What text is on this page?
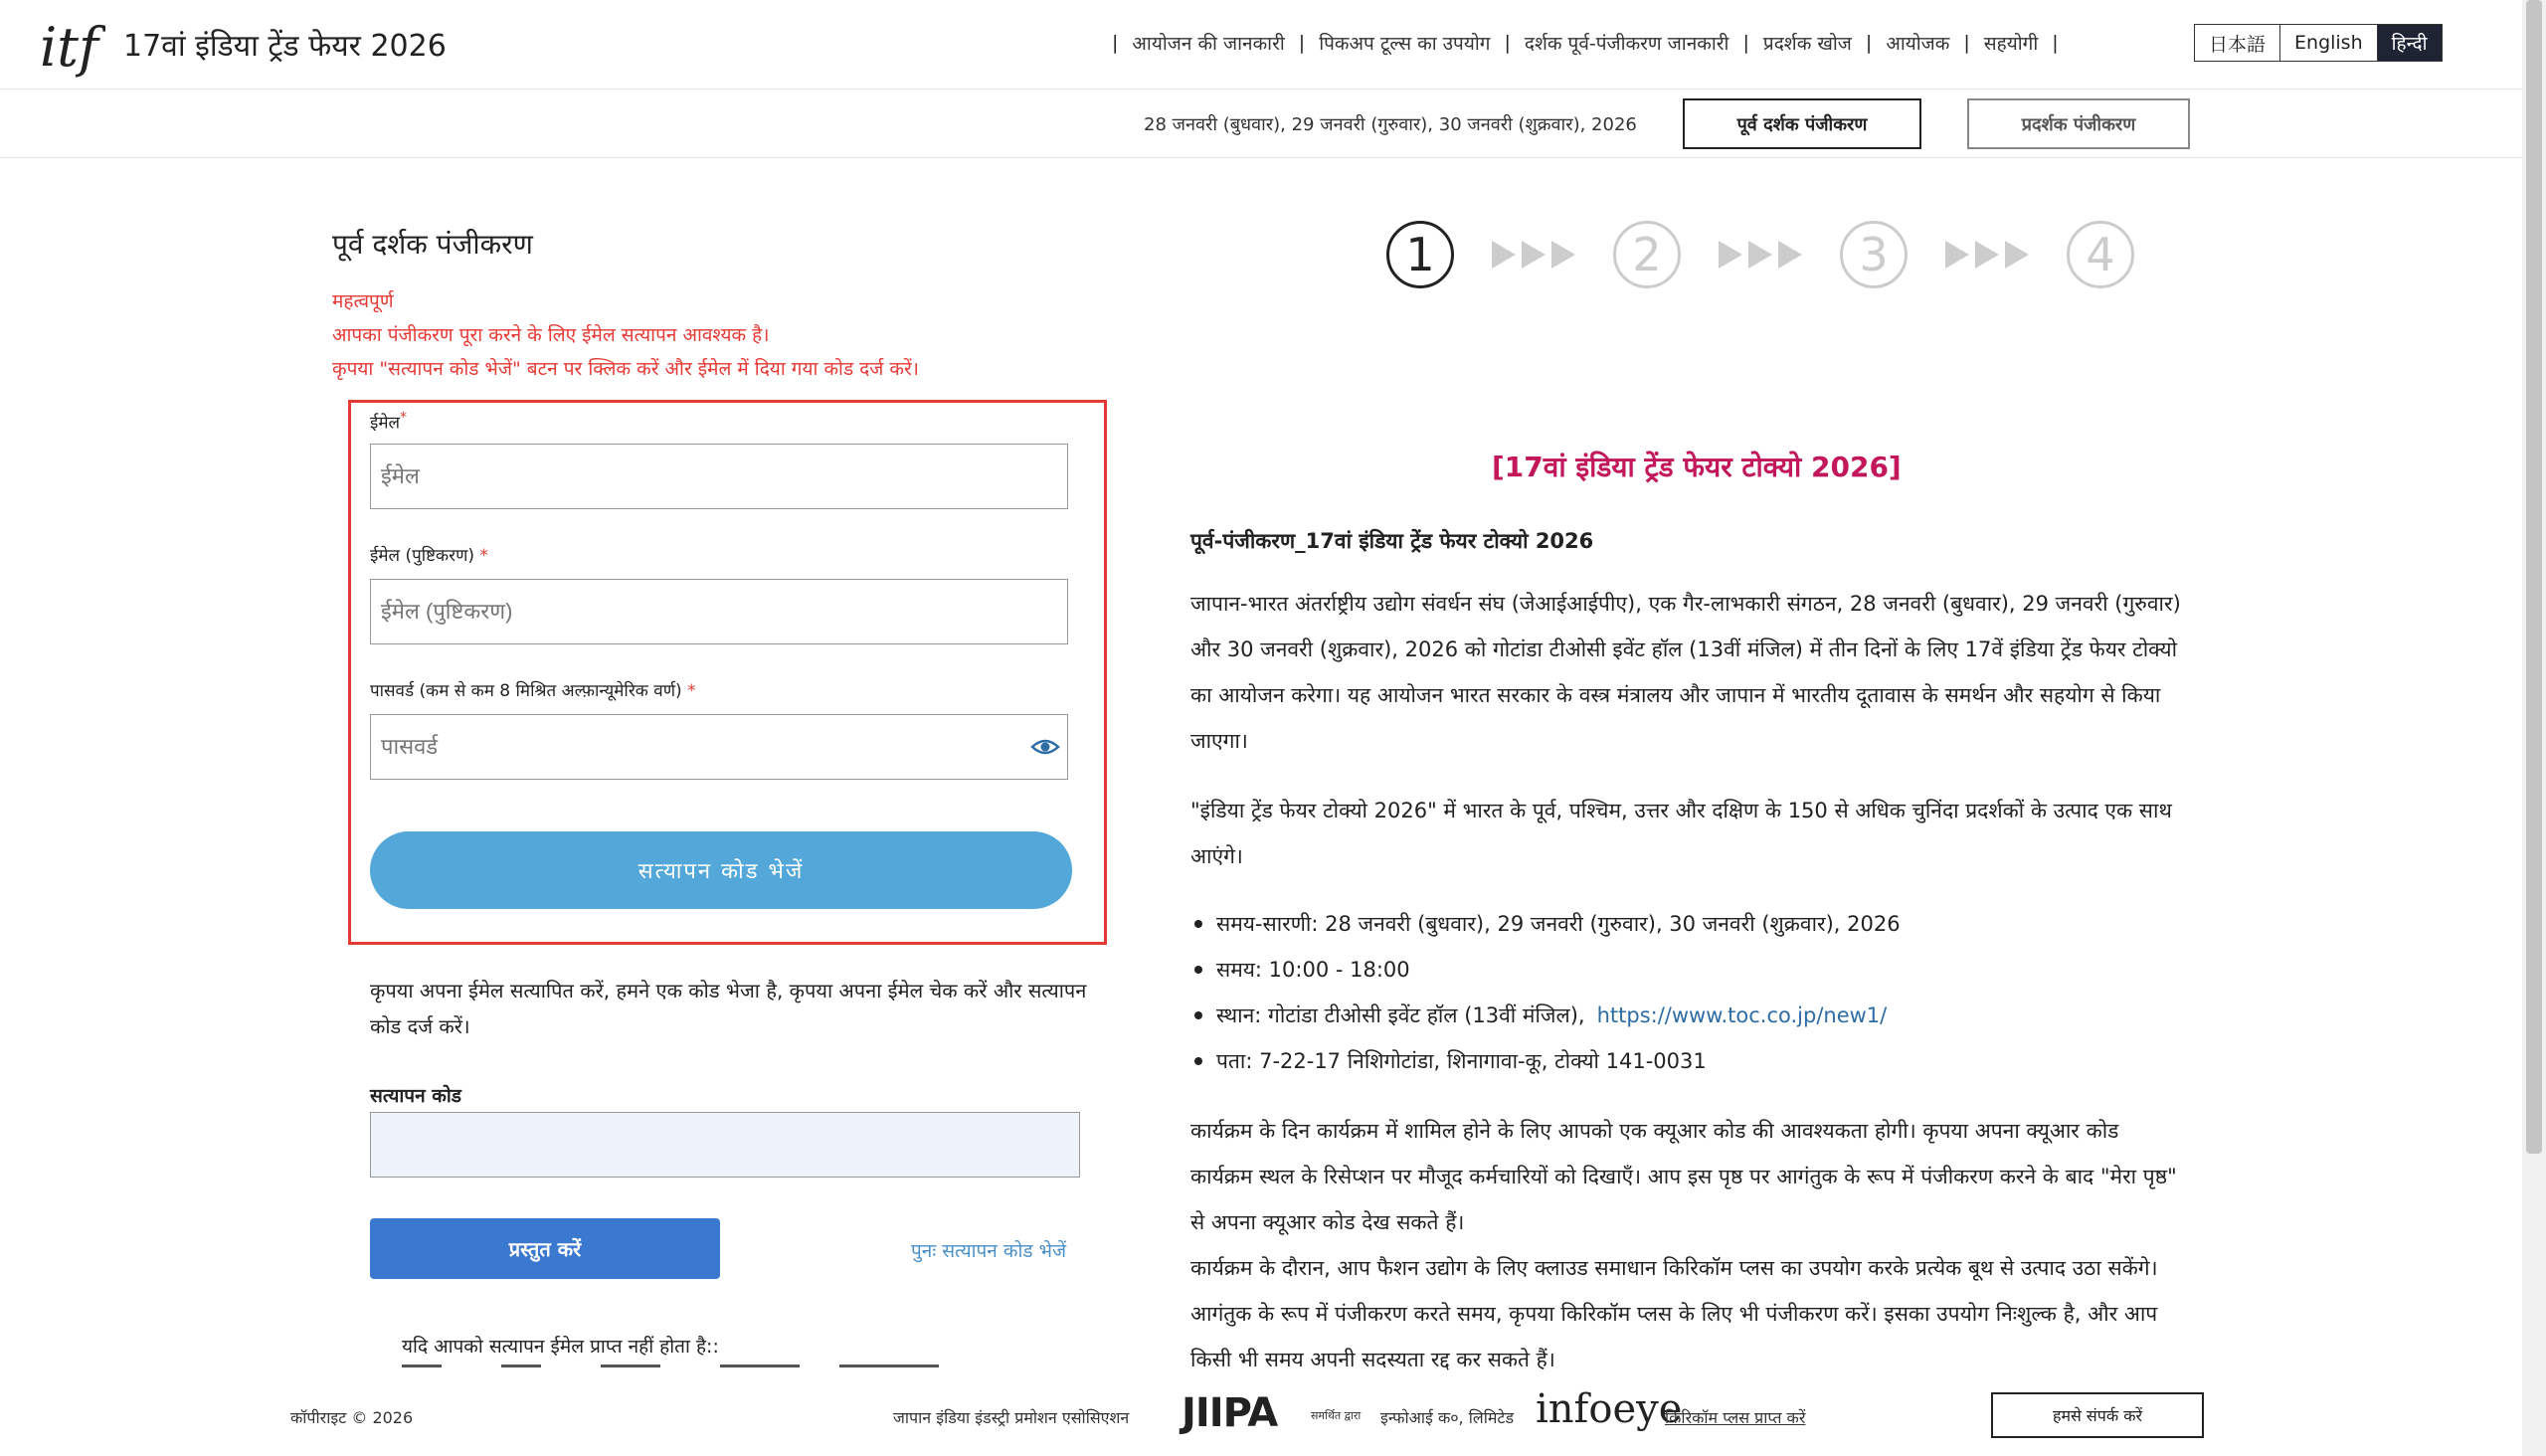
itf 17वां इंडिया ट्रेंड फेयर 2026	| आयोजन की जानकारी | पिकअप टूल्स का उपयोग | दर्शक पूर्व-पंजीकरण जानकारी | प्रदर्शक खोज | आयोजक | सहयोगी |	日本語	English	हिन्दी
28 जनवरी (बुधवार), 29 जनवरी (गुरुवार), 30 जनवरी (शुक्रवार), 2026	पूर्व दर्शक पंजीकरण	प्रदर्शक पंजीकरण
पूर्व दर्शक पंजीकरण
महत्वपूर्ण
आपका पंजीकरण पूरा करने के लिए ईमेल सत्यापन आवश्यक है।
कृपया "सत्यापन कोड भेजें" बटन पर क्लिक करें और ईमेल में दिया गया कोड दर्ज करें।
ईमेल*
ईमेल
ईमेल (पुष्टिकरण) *
ईमेल (पुष्टिकरण)
पासवर्ड (कम से कम 8 मिश्रित अल्फ़ान्यूमेरिक वर्ण) *
सत्यापन कोड भेजें
कृपया अपना ईमेल सत्यापित करें, हमने एक कोड भेजा है, कृपया अपना ईमेल चेक करें और सत्यापन कोड दर्ज करें।
सत्यापन कोड
प्रस्तुत करें	पुनः सत्यापन कोड भेजें
यदि आपको सत्यापन ईमेल प्राप्त नहीं होता है::
1	2	3	4
[17वां इंडिया ट्रेंड फेयर टोक्यो 2026]
पूर्व-पंजीकरण_17वां इंडिया ट्रेंड फेयर टोक्यो 2026
जापान-भारत अंतर्राष्ट्रीय उद्योग संवर्धन संघ (जेआईआईपीए), एक गैर-लाभकारी संगठन, 28 जनवरी (बुधवार), 29 जनवरी (गुरुवार) और 30 जनवरी (शुक्रवार), 2026 को गोटांडा टीओसी इवेंट हॉल (13वीं मंजिल) में तीन दिनों के लिए 17वें इंडिया ट्रेंड फेयर टोक्यो का आयोजन करेगा। यह आयोजन भारत सरकार के वस्त्र मंत्रालय और जापान में भारतीय दूतावास के समर्थन और सहयोग से किया जाएगा।
"इंडिया ट्रेंड फेयर टोक्यो 2026" में भारत के पूर्व, पश्चिम, उत्तर और दक्षिण के 150 से अधिक चुनिंदा प्रदर्शकों के उत्पाद एक साथ आएंगे।
समय-सारणी: 28 जनवरी (बुधवार), 29 जनवरी (गुरुवार), 30 जनवरी (शुक्रवार), 2026
समय: 10:00 - 18:00
स्थान: गोटांडा टीओसी इवेंट हॉल (13वीं मंजिल), https://www.toc.co.jp/new1/
पता: 7-22-17 निशिगोटांडा, शिनागावा-कू, टोक्यो 141-0031
कार्यक्रम के दिन कार्यक्रम में शामिल होने के लिए आपको एक क्यूआर कोड की आवश्यकता होगी। कृपया अपना क्यूआर कोड कार्यक्रम स्थल के रिसेप्शन पर मौजूद कर्मचारियों को दिखाएँ। आप इस पृष्ठ पर आगंतुक के रूप में पंजीकरण करने के बाद "मेरा पृष्ठ" से अपना क्यूआर कोड देख सकते हैं।
कार्यक्रम के दौरान, आप फैशन उद्योग के लिए क्लाउड समाधान किरिकॉम प्लस का उपयोग करके प्रत्येक बूथ से उत्पाद उठा सकेंगे। आगंतुक के रूप में पंजीकरण करते समय, कृपया किरिकॉम प्लस के लिए भी पंजीकरण करें। इसका उपयोग निःशुल्क है, और आप किसी भी समय अपनी सदस्यता रद्द कर सकते हैं।
कॉपीराइट © 2026	जापान इंडिया इंडस्ट्री प्रमोशन एसोसिएशन JIIPA	समर्थित द्वारा इन्फोआई क०, लिमिटेड infoeye
किरिकॉम प्लस प्राप्त करें	हमसे संपर्क करें
